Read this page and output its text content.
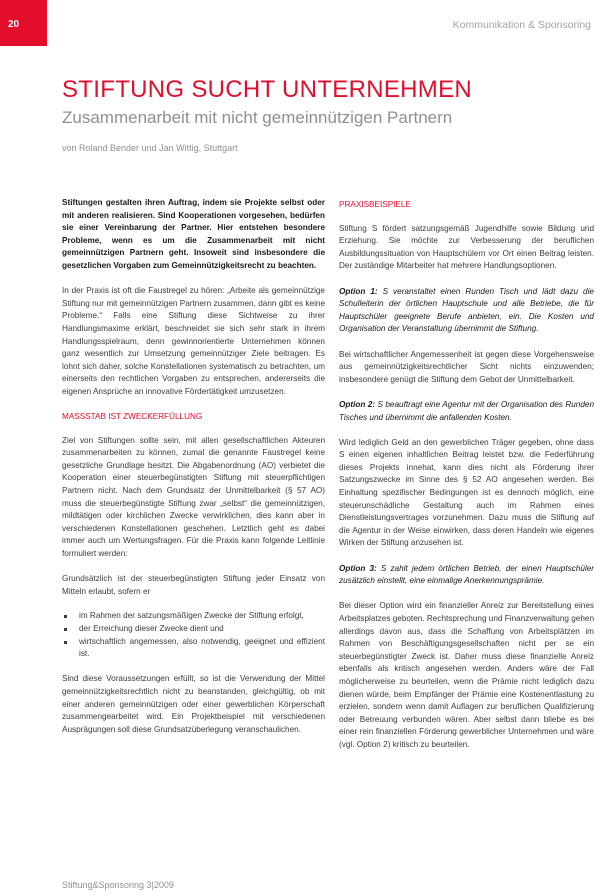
20	Kommunikation & Sponsoring
STIFTUNG SUCHT UNTERNEHMEN
Zusammenarbeit mit nicht gemeinnützigen Partnern
von Roland Bender und Jan Wittig, Stuttgart

Stiftungen gestalten ihren Auftrag, indem sie Projekte selbst oder mit anderen realisieren. Sind Kooperationen vorgesehen, bedürfen sie einer Vereinbarung der Partner. Hier entstehen besondere Probleme, wenn es um die Zusammenarbeit mit nicht gemeinnützigen Partnern geht. Insoweit sind insbesondere die gesetzlichen Vorgaben zum Gemeinnützigkeitsrecht zu beachten.

In der Praxis ist oft die Faustregel zu hören: „Arbeite als gemeinnützige Stiftung nur mit gemeinnützigen Partnern zusammen, dann gibt es keine Probleme.“ Falls eine Stiftung diese Sichtweise zu ihrer Handlungsmaxime erklärt, beschneidet sie sich sehr stark in ihrem Handlungsspielraum, denn gewinnorientierte Unternehmen können ganz wesentlich zur Umsetzung gemeinnütziger Ziele beitragen. Es lohnt sich daher, solche Konstellationen systematisch zu betrachten, um einerseits den rechtlichen Vorgaben zu entsprechen, andererseits die eigenen Ansprüche an innovative Fördertätigkeit umzusetzen.

MASSSTAB IST ZWECKERFÜLLUNG

Ziel von Stiftungen sollte sein, mit allen gesellschaftlichen Akteuren zusammenarbeiten zu können, zumal die genannte Faustregel keine gesetzliche Grundlage besitzt. Die Abgabenordnung (AO) verbietet die Kooperation einer steuerbegünstigten Stiftung mit steuerpflichtigen Partnern nicht. Nach dem Grundsatz der Unmittelbarkeit (§ 57 AO) muss die steuerbegünstigte Stiftung zwar „selbst“ die gemeinnützigen, mildtätigen oder kirchlichen Zwecke verwirklichen, dies kann aber in verschiedenen Konstellationen geschehen. Letztlich geht es dabei immer auch um Wertungsfragen. Für die Praxis kann folgende Leitlinie formuliert werden:

Grundsätzlich ist der steuerbegünstigten Stiftung jeder Einsatz von Mitteln erlaubt, sofern er

im Rahmen der satzungsmäßigen Zwecke der Stiftung erfolgt,
der Erreichung dieser Zwecke dient und
wirtschaftlich angemessen, also notwendig, geeignet und effizient ist.

Sind diese Voraussetzungen erfüllt, so ist die Verwendung der Mittel gemeinnützigkeitsrechtlich nicht zu beanstanden, gleichgültig, ob mit einer anderen gemeinnützigen oder einer gewerblichen Körperschaft zusammengearbeitet wird. Ein Projektbeispiel mit verschiedenen Ausprägungen soll diese Grundsatzüberlegung veranschaulichen.

PRAXISBEISPIELE

Stiftung S fördert satzungsgemäß Jugendhilfe sowie Bildung und Erziehung. Sie möchte zur Verbesserung der beruflichen Ausbildungssituation von Hauptschülern vor Ort einen Beitrag leisten. Der zuständige Mitarbeiter hat mehrere Handlungsoptionen.

Option 1: S veranstaltet einen Runden Tisch und lädt dazu die Schulleiterin der örtlichen Hauptschule und alle Betriebe, die für Hauptschüler geeignete Berufe anbieten, ein. Die Kosten und Organisation der Veranstaltung übernimmt die Stiftung.

Bei wirtschaftlicher Angemessenheit ist gegen diese Vorgehensweise aus gemeinnützigkeitsrechtlicher Sicht nichts einzuwenden; insbesondere genügt die Stiftung dem Gebot der Unmittelbarkeit.

Option 2: S beauftragt eine Agentur mit der Organisation des Runden Tisches und übernimmt die anfallenden Kosten.

Wird lediglich Geld an den gewerblichen Träger gegeben, ohne dass S einen eigenen inhaltlichen Beitrag leistet bzw. die Federführung dieses Projekts innehat, kann dies nicht als Förderung ihrer Satzungszwecke im Sinne des § 52 AO angesehen werden. Bei Einhaltung spezifischer Bedingungen ist es dennoch möglich, eine steuerunschädliche Gestaltung auch im Rahmen eines Dienstleistungsvertrages vorzunehmen. Dazu muss die Stiftung auf die Agentur in der Weise einwirken, dass deren Handeln wie eigenes Wirken der Stiftung anzusehen ist.

Option 3: S zahlt jedem örtlichen Betrieb, der einen Hauptschüler zusätzlich einstellt, eine einmalige Anerkennungsprämie.

Bei dieser Option wird ein finanzieller Anreiz zur Bereitstellung eines Arbeitsplatzes geboten. Rechtsprechung und Finanzverwaltung gehen allerdings davon aus, dass die Schaffung von Arbeitsplätzen im Rahmen von Beschäftigungsgesellschaften nicht per se ein steuerbegünstigter Zweck ist. Daher muss diese finanzielle Anreiz ebenfalls als kritisch angesehen werden. Anders wäre der Fall möglicherweise zu beurteilen, wenn die Prämie nicht lediglich dazu dienen würde, beim Empfänger der Prämie eine Kostenentlastung zu erzielen, sondern wenn damit Auflagen zur beruflichen Qualifizierung oder Betreuung verbunden wären. Aber selbst dann bliebe es bei einer rein finanziellen Förderung gewerblicher Unternehmen und wäre (vgl. Option 2) kritisch zu beurteilen.

Stiftung&Sponsoring 3|2009
